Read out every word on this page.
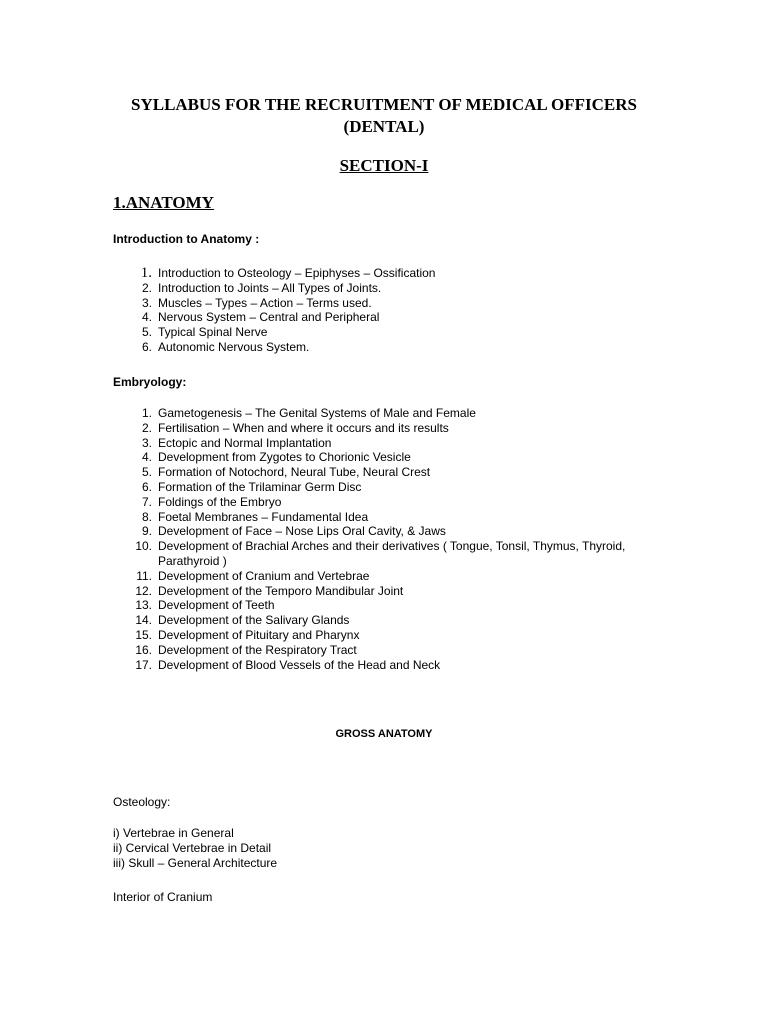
SYLLABUS FOR THE RECRUITMENT OF MEDICAL OFFICERS
(DENTAL)
SECTION-I
1.ANATOMY
Introduction to Anatomy :
1. Introduction to Osteology – Epiphyses – Ossification
2. Introduction to Joints – All Types of Joints.
3. Muscles – Types – Action – Terms used.
4. Nervous System – Central and Peripheral
5. Typical Spinal Nerve
6. Autonomic Nervous System.
Embryology:
1. Gametogenesis – The Genital Systems of Male and Female
2. Fertilisation – When and where it occurs and its results
3. Ectopic and Normal Implantation
4. Development from Zygotes to Chorionic Vesicle
5. Formation of Notochord, Neural Tube, Neural Crest
6. Formation of the Trilaminar Germ Disc
7. Foldings of the Embryo
8. Foetal Membranes – Fundamental Idea
9. Development of Face – Nose Lips Oral Cavity, & Jaws
10. Development of Brachial Arches and their derivatives ( Tongue, Tonsil, Thymus, Thyroid, Parathyroid )
11. Development of Cranium and Vertebrae
12. Development of the Temporo Mandibular Joint
13. Development of Teeth
14. Development of the Salivary Glands
15. Development of Pituitary and Pharynx
16. Development of the Respiratory Tract
17. Development of Blood Vessels of the Head and Neck
GROSS ANATOMY
Osteology:
i) Vertebrae in General
ii) Cervical Vertebrae in Detail
iii) Skull – General Architecture
Interior of Cranium
